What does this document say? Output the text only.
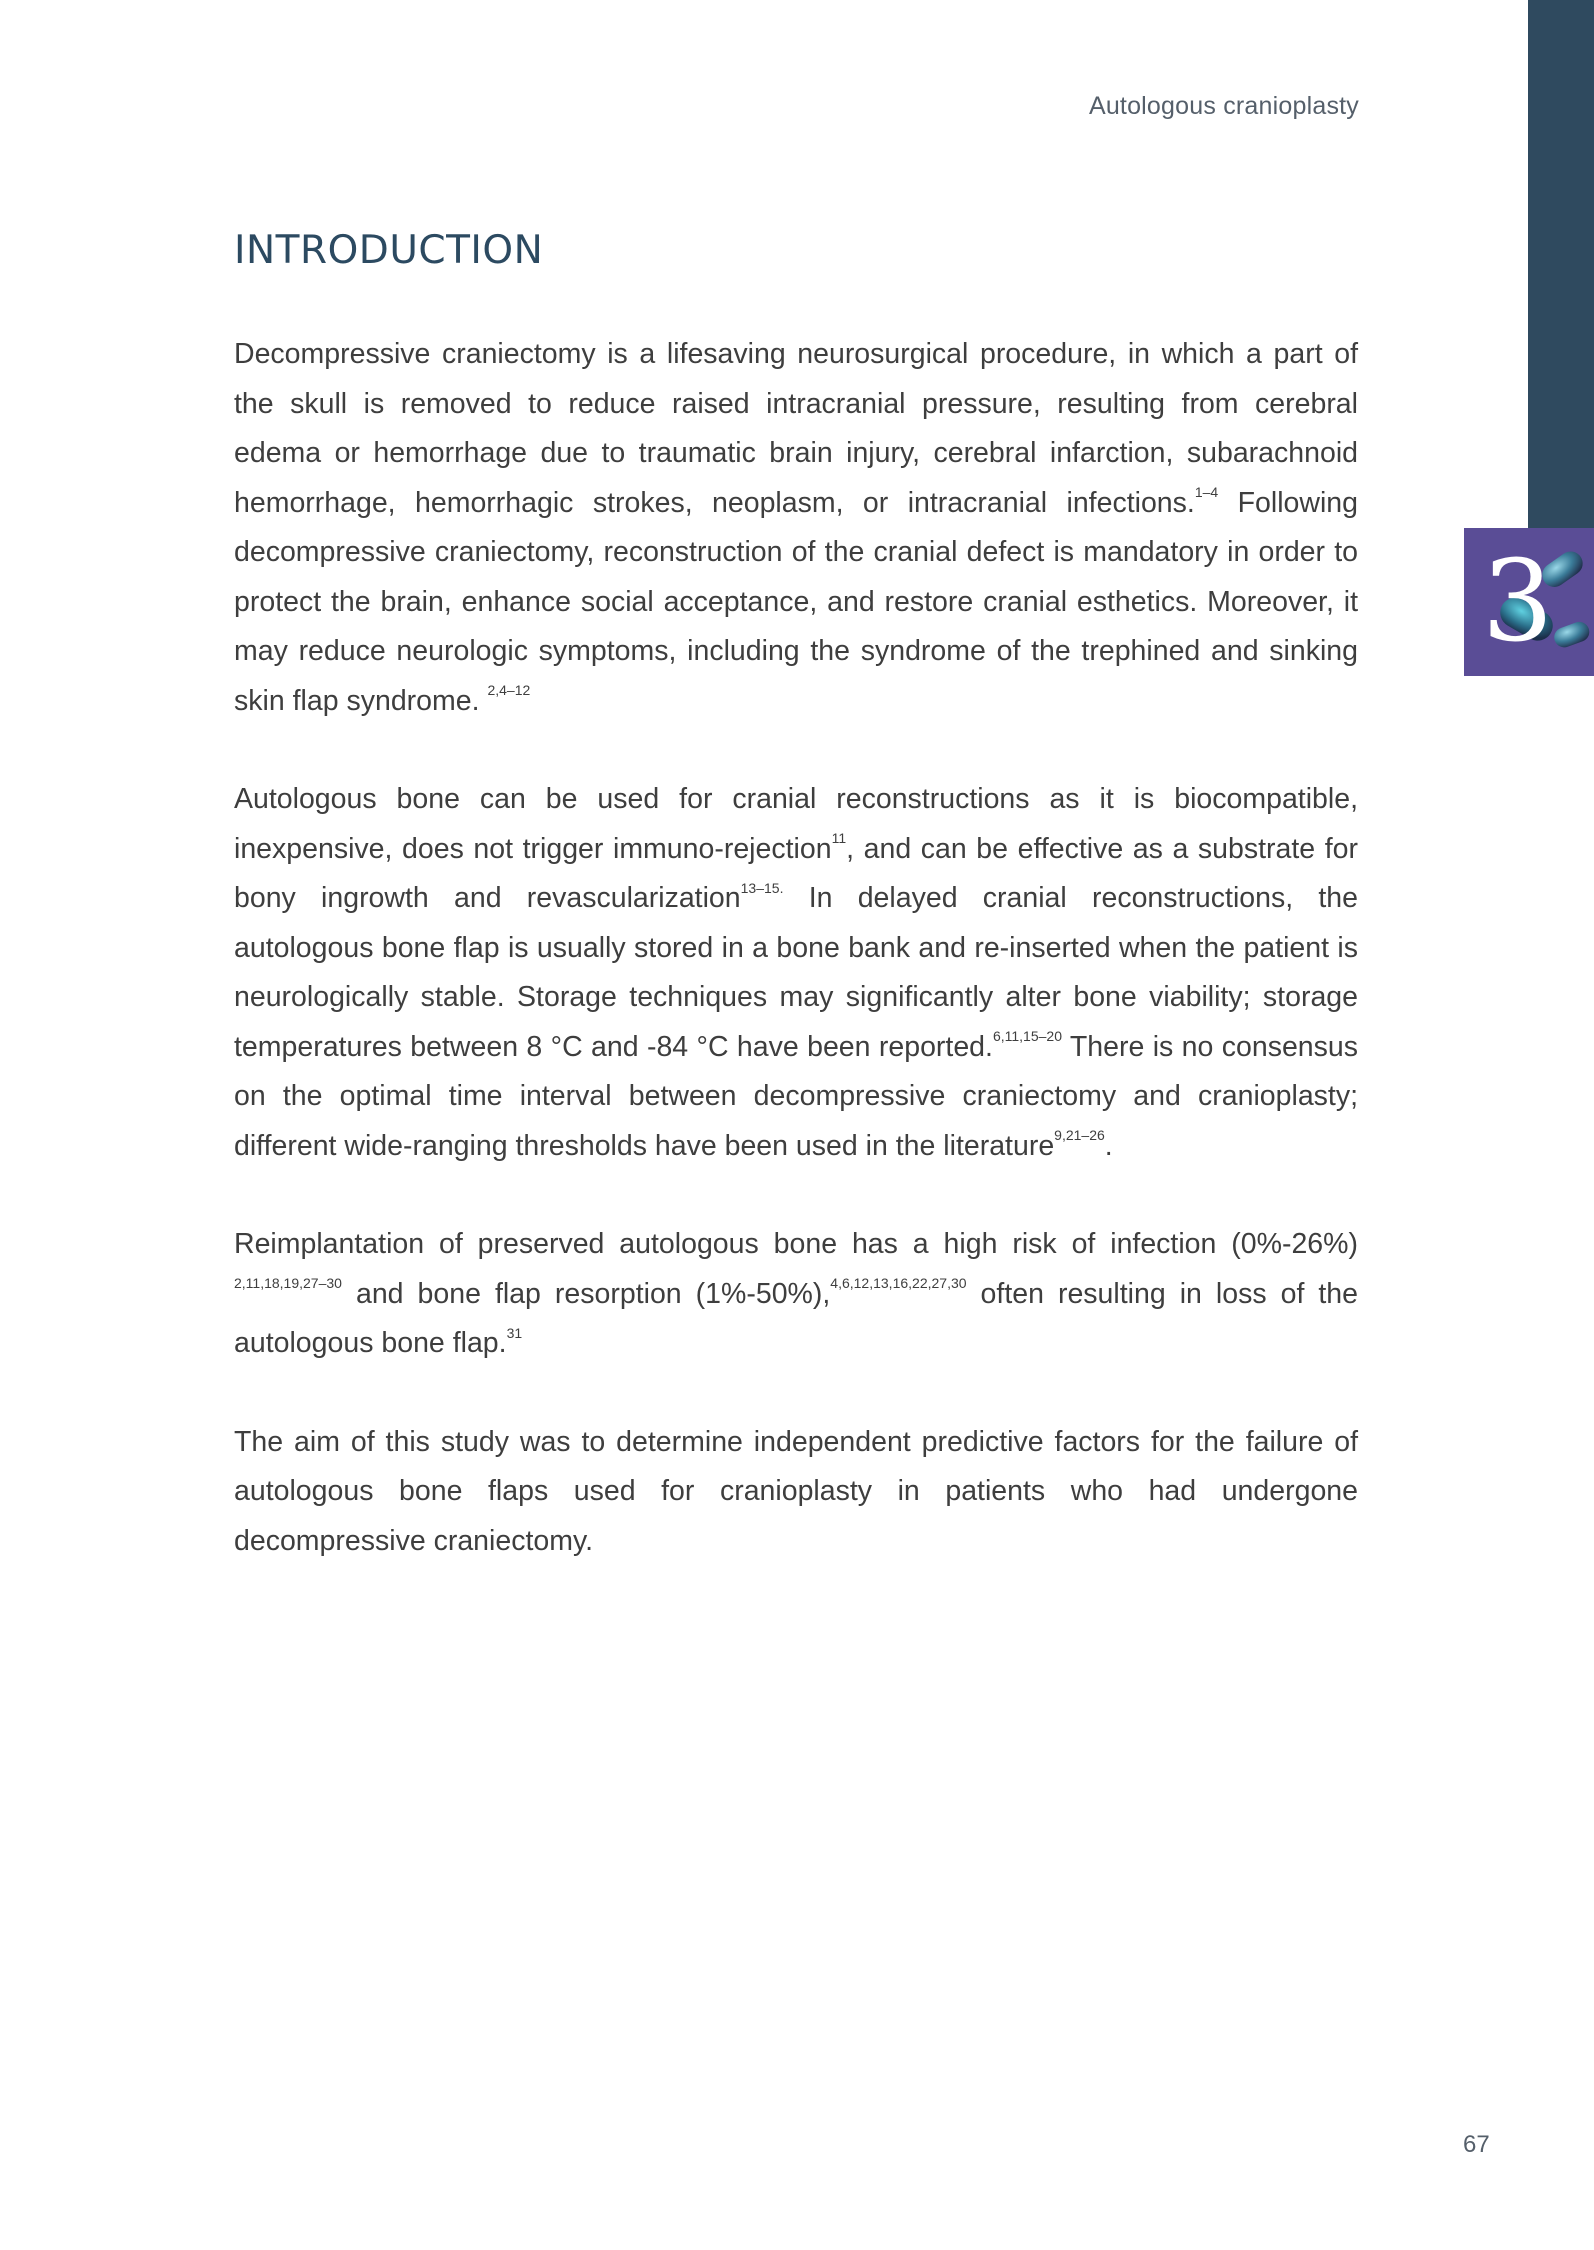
3
Autologous cranioplasty
INTRODUCTION

Decompressive craniectomy is a lifesaving neurosurgical procedure, in which a part of the skull is removed to reduce raised intracranial pressure, resulting from cerebral edema or hemorrhage due to traumatic brain injury, cerebral infarction, subarachnoid hemorrhage, hemorrhagic strokes, neoplasm, or intracranial infections.$^{1-4}$ Following decompressive craniectomy, reconstruction of the cranial defect is mandatory in order to protect the brain, enhance social acceptance, and restore cranial esthetics. Moreover, it may reduce neurologic symptoms, including the syndrome of the trephined and sinking skin flap syndrome. $^{2,4-12}$

Autologous bone can be used for cranial reconstructions as it is biocompatible, inexpensive, does not trigger immuno-rejection$^{11}$, and can be effective as a substrate for bony ingrowth and revascularization$^{13-15.}$ In delayed cranial reconstructions, the autologous bone flap is usually stored in a bone bank and re-inserted when the patient is neurologically stable. Storage techniques may significantly alter bone viability; storage temperatures between 8 °C and -84 °C have been reported.$^{6,11,15-20}$ There is no consensus on the optimal time interval between decompressive craniectomy and cranioplasty; different wide-ranging thresholds have been used in the literature$^{9,21-26}$.

Reimplantation of preserved autologous bone has a high risk of infection (0%-26%) $^{2,11,18,19,27-30}$ and bone flap resorption (1%-50%),$^{4,6,12,13,16,22,27,30}$ often resulting in loss of the autologous bone flap.$^{31}$

The aim of this study was to determine independent predictive factors for the failure of autologous bone flaps used for cranioplasty in patients who had undergone decompressive craniectomy.

67
